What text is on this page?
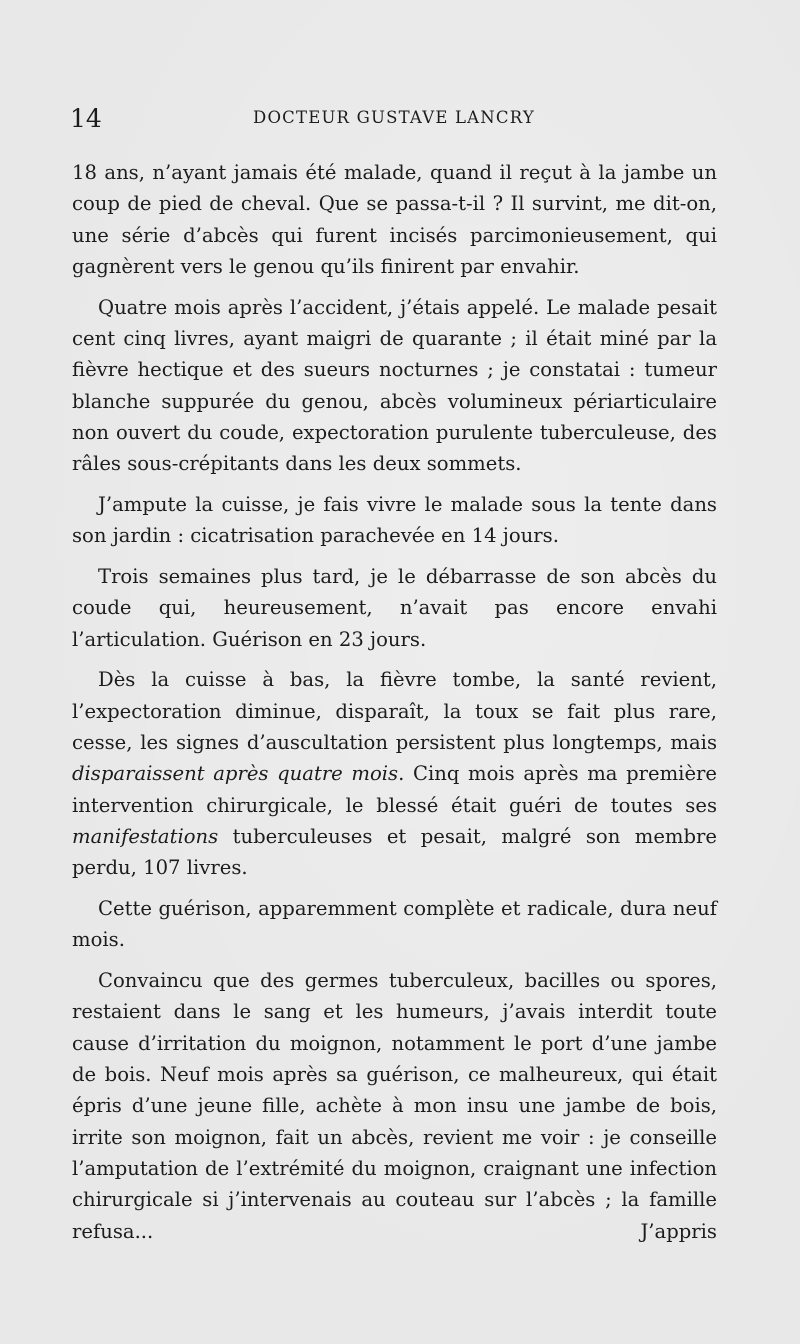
14	DOCTEUR GUSTAVE LANCRY

18 ans, n’ayant jamais été malade, quand il reçut à la jambe un coup de pied de cheval. Que se passa-t-il ? Il survint, me dit-on, une série d’abcès qui furent incisés parcimonieusement, qui gagnèrent vers le genou qu’ils finirent par envahir.

Quatre mois après l’accident, j’étais appelé. Le malade pesait cent cinq livres, ayant maigri de quarante ; il était miné par la fièvre hectique et des sueurs nocturnes ; je constatai : tumeur blanche suppurée du genou, abcès volumineux périarticulaire non ouvert du coude, expectoration purulente tuberculeuse, des râles sous-crépitants dans les deux sommets.

J’ampute la cuisse, je fais vivre le malade sous la tente dans son jardin : cicatrisation parachevée en 14 jours.

Trois semaines plus tard, je le débarrasse de son abcès du coude qui, heureusement, n’avait pas encore envahi l’articulation. Guérison en 23 jours.

Dès la cuisse à bas, la fièvre tombe, la santé revient, l’expectoration diminue, disparaît, la toux se fait plus rare, cesse, les signes d’auscultation persistent plus longtemps, mais disparaissent après quatre mois. Cinq mois après ma première intervention chirurgicale, le blessé était guéri de toutes ses manifestations tuberculeuses et pesait, malgré son membre perdu, 107 livres.

Cette guérison, apparemment complète et radicale, dura neuf mois.

Convaincu que des germes tuberculeux, bacilles ou spores, restaient dans le sang et les humeurs, j’avais interdit toute cause d’irritation du moignon, notamment le port d’une jambe de bois. Neuf mois après sa guérison, ce malheureux, qui était épris d’une jeune fille, achète à mon insu une jambe de bois, irrite son moignon, fait un abcès, revient me voir : je conseille l’amputation de l’extrémité du moignon, craignant une infection chirurgicale si j’intervenais au couteau sur l’abcès ; la famille refusa... J’appris
